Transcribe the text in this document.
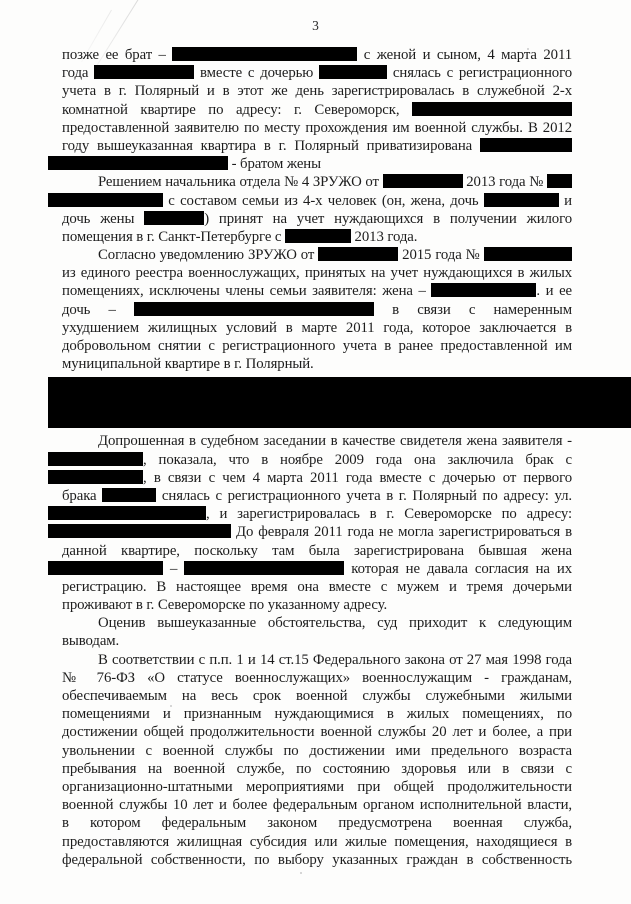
3
позже ее брат –	с женой и сыном, 4 марта 2011
года	вместе с дочерью	снялась с регистрационного
учета в г. Полярный и в этот же день зарегистрировалась в служебной 2-х
комнатной квартире по адресу: г. Североморск,
предоставленной заявителю по месту прохождения им военной службы. В 2012
году вышеуказанная квартира в г. Полярный приватизирована
- братом жены
Решением начальника отдела № 4 ЗРУЖО от	2013 года №
с составом семьи из 4-х человек (он, жена, дочь	и
дочь жены	) принят на учет нуждающихся в получении жилого
помещения в г. Санкт-Петербурге с	2013 года.
Согласно уведомлению ЗРУЖО от	2015 года №
из единого реестра военнослужащих, принятых на учет нуждающихся в жилых
помещениях, исключены члены семьи заявителя: жена –	. и ее
дочь –	в связи с намеренным
ухудшением жилищных условий в марте 2011 года, которое заключается в
добровольном снятии с регистрационного учета в ранее предоставленной им
муниципальной квартире в г. Полярный.
Допрошенная в судебном заседании в качестве свидетеля жена заявителя -
, показала, что в ноябре 2009 года она заключила брак с
, в связи с чем 4 марта 2011 года вместе с дочерью от первого
брака	снялась с регистрационного учета в г. Полярный по адресу: ул.
, и зарегистрировалась в г. Североморске по адресу:
До февраля 2011 года не могла зарегистрироваться в
данной квартире, поскольку там была зарегистрирована бывшая жена
–	которая не давала согласия на их
регистрацию. В настоящее время она вместе с мужем и тремя дочерьми
проживают в г. Североморске по указанному адресу.
Оценив вышеуказанные обстоятельства, суд приходит к следующим
выводам.
В соответствии с п.п. 1 и 14 ст.15 Федерального закона от 27 мая 1998 года
№ 76-ФЗ «О статусе военнослужащих» военнослужащим - гражданам,
обеспечиваемым на весь срок военной службы служебными жилыми
помещениями и признанным нуждающимися в жилых помещениях, по
достижении общей продолжительности военной службы 20 лет и более, а при
увольнении с военной службы по достижении ими предельного возраста
пребывания на военной службе, по состоянию здоровья или в связи с
организационно-штатными мероприятиями при общей продолжительности
военной службы 10 лет и более федеральным органом исполнительной власти,
в котором федеральным законом предусмотрена военная служба,
предоставляются жилищная субсидия или жилые помещения, находящиеся в
федеральной собственности, по выбору указанных граждан в собственность
